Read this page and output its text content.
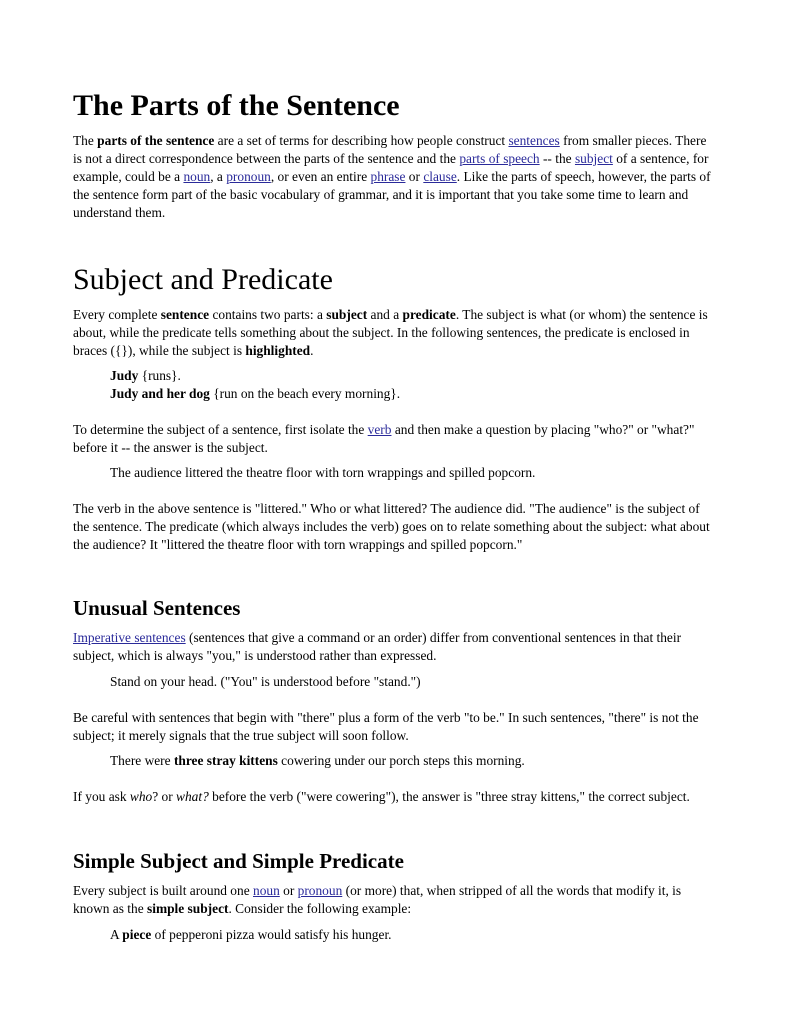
The Parts of the Sentence

The parts of the sentence are a set of terms for describing how people construct sentences from smaller pieces. There is not a direct correspondence between the parts of the sentence and the parts of speech -- the subject of a sentence, for example, could be a noun, a pronoun, or even an entire phrase or clause. Like the parts of speech, however, the parts of the sentence form part of the basic vocabulary of grammar, and it is important that you take some time to learn and understand them.

Subject and Predicate

Every complete sentence contains two parts: a subject and a predicate. The subject is what (or whom) the sentence is about, while the predicate tells something about the subject. In the following sentences, the predicate is enclosed in braces ({}), while the subject is highlighted.

Judy {runs}.

Judy and her dog {run on the beach every morning}.

To determine the subject of a sentence, first isolate the verb and then make a question by placing "who?" or "what?" before it -- the answer is the subject.

The audience littered the theatre floor with torn wrappings and spilled popcorn.

The verb in the above sentence is "littered." Who or what littered? The audience did. "The audience" is the subject of the sentence. The predicate (which always includes the verb) goes on to relate something about the subject: what about the audience? It "littered the theatre floor with torn wrappings and spilled popcorn."

Unusual Sentences

Imperative sentences (sentences that give a command or an order) differ from conventional sentences in that their subject, which is always "you," is understood rather than expressed.

Stand on your head. ("You" is understood before "stand.")

Be careful with sentences that begin with "there" plus a form of the verb "to be." In such sentences, "there" is not the subject; it merely signals that the true subject will soon follow.

There were three stray kittens cowering under our porch steps this morning.

If you ask who? or what? before the verb ("were cowering"), the answer is "three stray kittens," the correct subject.

Simple Subject and Simple Predicate

Every subject is built around one noun or pronoun (or more) that, when stripped of all the words that modify it, is known as the simple subject. Consider the following example:

A piece of pepperoni pizza would satisfy his hunger.
